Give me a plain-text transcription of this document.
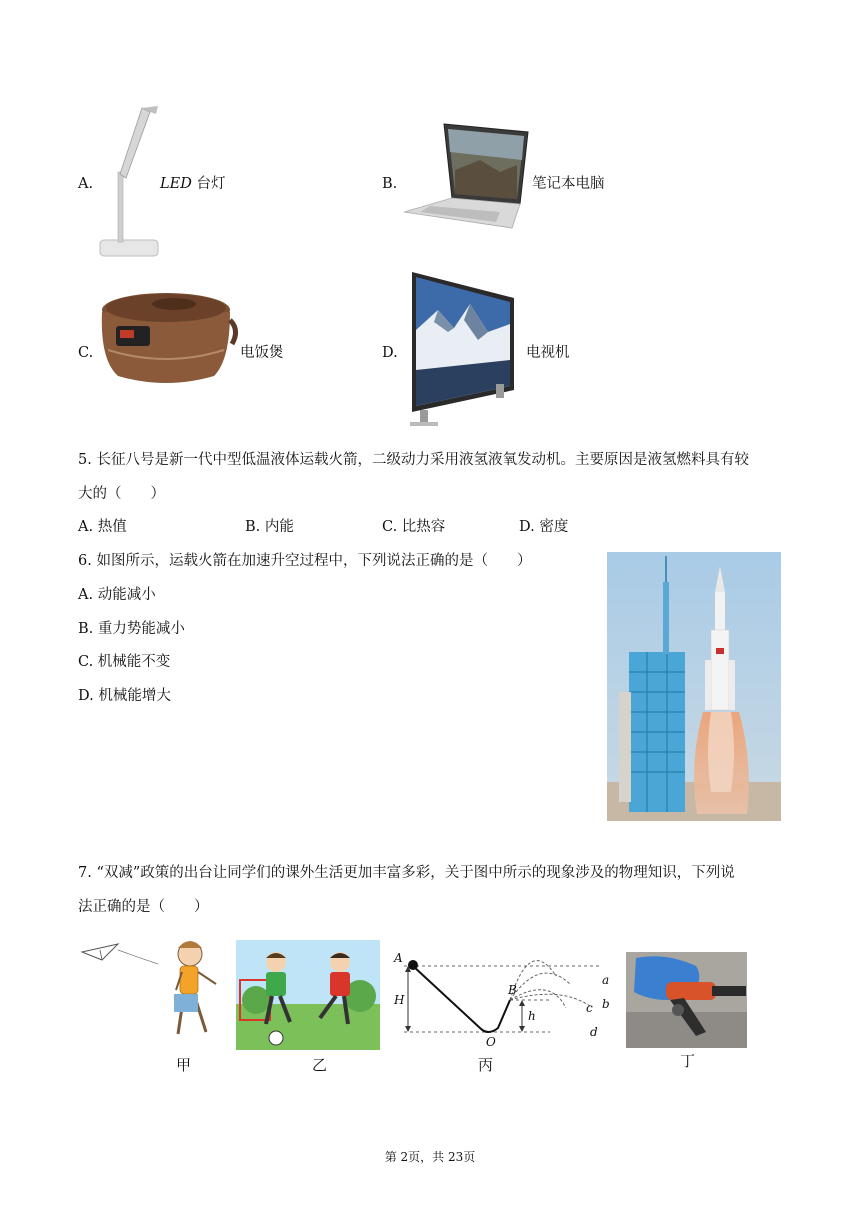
A.	LED 台灯	B.	笔记本电脑
C.	电饭煲	D.	电视机
5. 长征八号是新一代中型低温液体运载火箭，二级动力采用液氢液氧发动机。主要原因是液氢燃料具有较
大的（　　）
A. 热值	B. 内能	C. 比热容	D. 密度
6. 如图所示，运载火箭在加速升空过程中，下列说法正确的是（　　）
A. 动能减小
B. 重力势能减小
C. 机械能不变
D. 机械能增大
7. “双减”政策的出台让同学们的课外生活更加丰富多彩，关于图中所示的现象涉及的物理知识，下列说
法正确的是（　　）
甲	乙
A
H
B
h
O
a
b
c
d
丙	丁
第 2页，共 23页
